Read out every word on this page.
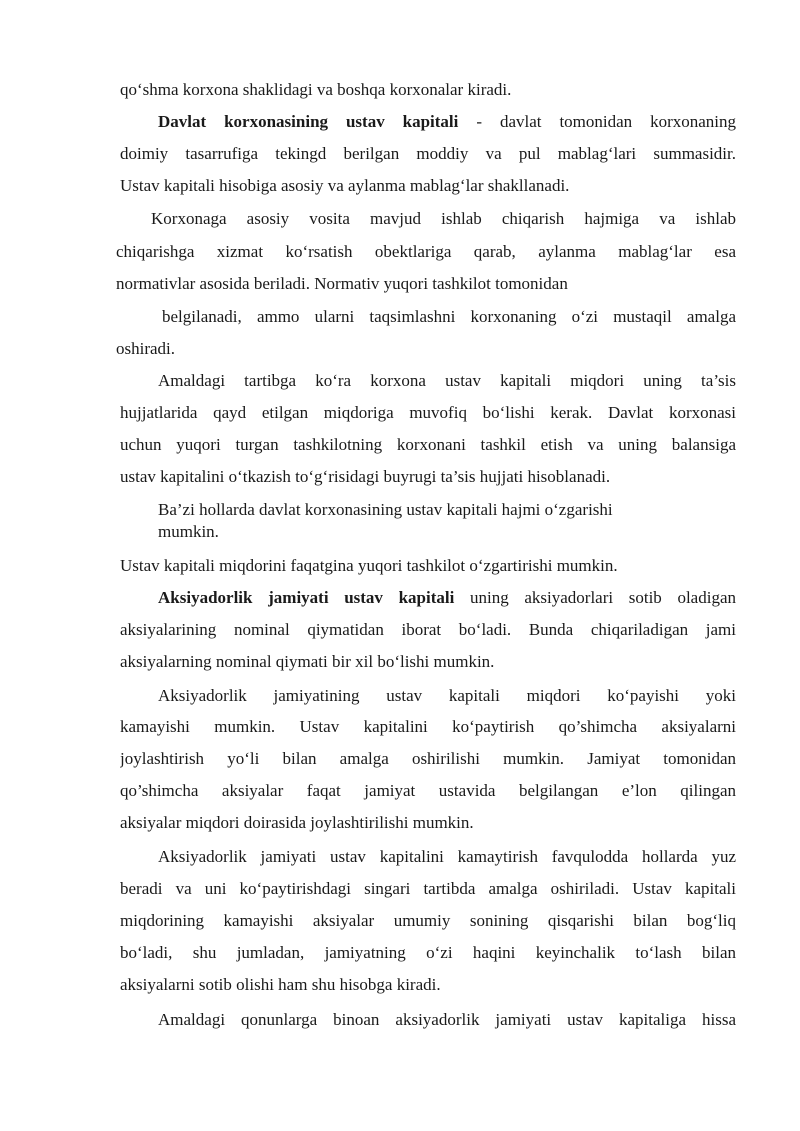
qo‘shma korxona shaklidagi va boshqa korxonalar kiradi.

Davlat korxonasining ustav kapitali - davlat tomonidan korxonaning

doimiy tasarrufiga tekingd berilgan moddiy va pul mablag‘lari summasidir.

Ustav kapitali hisobiga asosiy va aylanma mablag‘lar shakllanadi.

Korxonaga asosiy vosita mavjud ishlab chiqarish hajmiga va ishlab

chiqarishga xizmat ko‘rsatish obektlariga qarab, aylanma mablag‘lar esa

normativlar asosida beriladi. Normativ yuqori tashkilot tomonidan

belgilanadi, ammo ularni taqsimlashni korxonaning o‘zi mustaqil amalga

oshiradi.

Amaldagi tartibga ko‘ra korxona ustav kapitali miqdori uning ta’sis

hujjatlarida qayd etilgan miqdoriga muvofiq bo‘lishi kerak. Davlat korxonasi

uchun yuqori turgan tashkilotning korxonani tashkil etish va uning balansiga

ustav kapitalini o‘tkazish to‘g‘risidagi buyrugi ta’sis hujjati hisoblanadi.

Ba’zi hollarda davlat korxonasining ustav kapitali hajmi o‘zgarishi

mumkin.

Ustav kapitali miqdorini faqatgina yuqori tashkilot o‘zgartirishi mumkin.

Aksiyadorlik jamiyati ustav kapitali uning aksiyadorlari sotib oladigan

aksiyalarining nominal qiymatidan iborat bo‘ladi. Bunda chiqariladigan jami

aksiyalarning nominal qiymati bir xil bo‘lishi mumkin.

Aksiyadorlik jamiyatining ustav kapitali miqdori ko‘payishi yoki

kamayishi mumkin. Ustav kapitalini ko‘paytirish qo’shimcha aksiyalarni

joylashtirish yo‘li bilan amalga oshirilishi mumkin. Jamiyat tomonidan

qo’shimcha aksiyalar faqat jamiyat ustavida belgilangan e’lon qilingan

aksiyalar miqdori doirasida joylashtirilishi mumkin.

Aksiyadorlik jamiyati ustav kapitalini kamaytirish favqulodda hollarda yuz

beradi va uni ko‘paytirishdagi singari tartibda amalga oshiriladi. Ustav kapitali

miqdorining kamayishi aksiyalar umumiy sonining qisqarishi bilan bog‘liq

bo‘ladi, shu jumladan, jamiyatning o‘zi haqini keyinchalik to‘lash bilan

aksiyalarni sotib olishi ham shu hisobga kiradi.

Amaldagi qonunlarga binoan aksiyadorlik jamiyati ustav kapitaliga hissa
